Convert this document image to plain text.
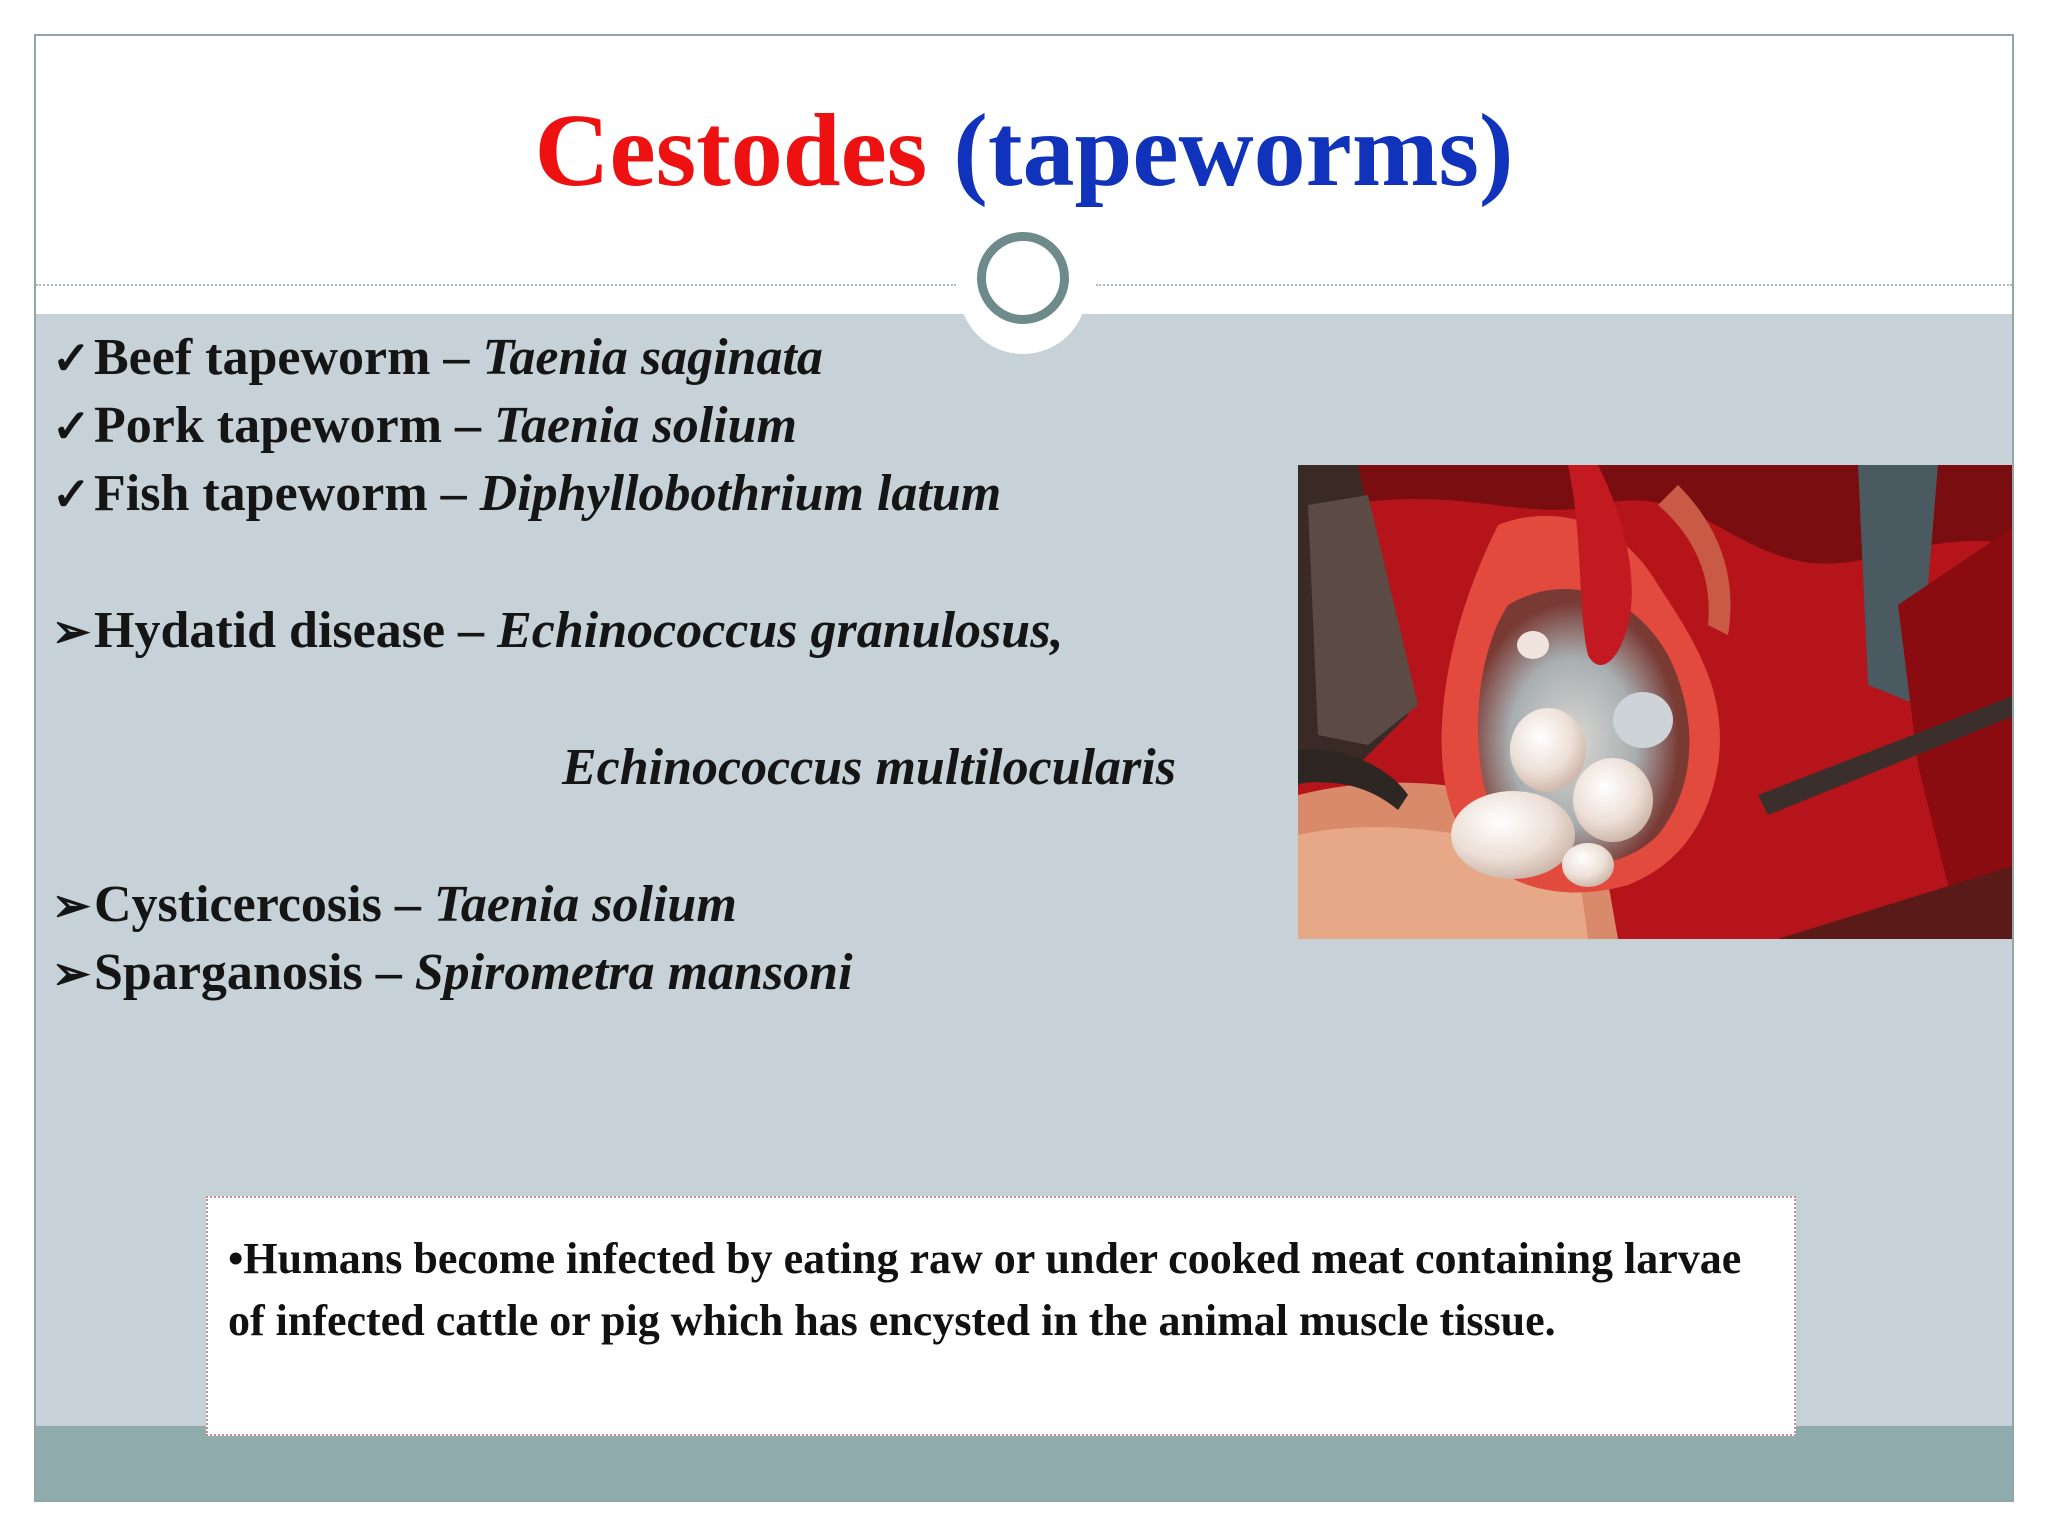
Cestodes (tapeworms)
✓Beef tapeworm – Taenia saginata
✓Pork tapeworm – Taenia solium
✓Fish tapeworm – Diphyllobothrium latum
➢Hydatid disease – Echinococcus granulosus,
Echinococcus multilocularis
➢Cysticercosis – Taenia solium
➢Sparganosis – Spirometra mansoni
•Humans become infected by eating raw or under cooked meat containing larvae of infected cattle or pig which has encysted in the animal muscle tissue.
